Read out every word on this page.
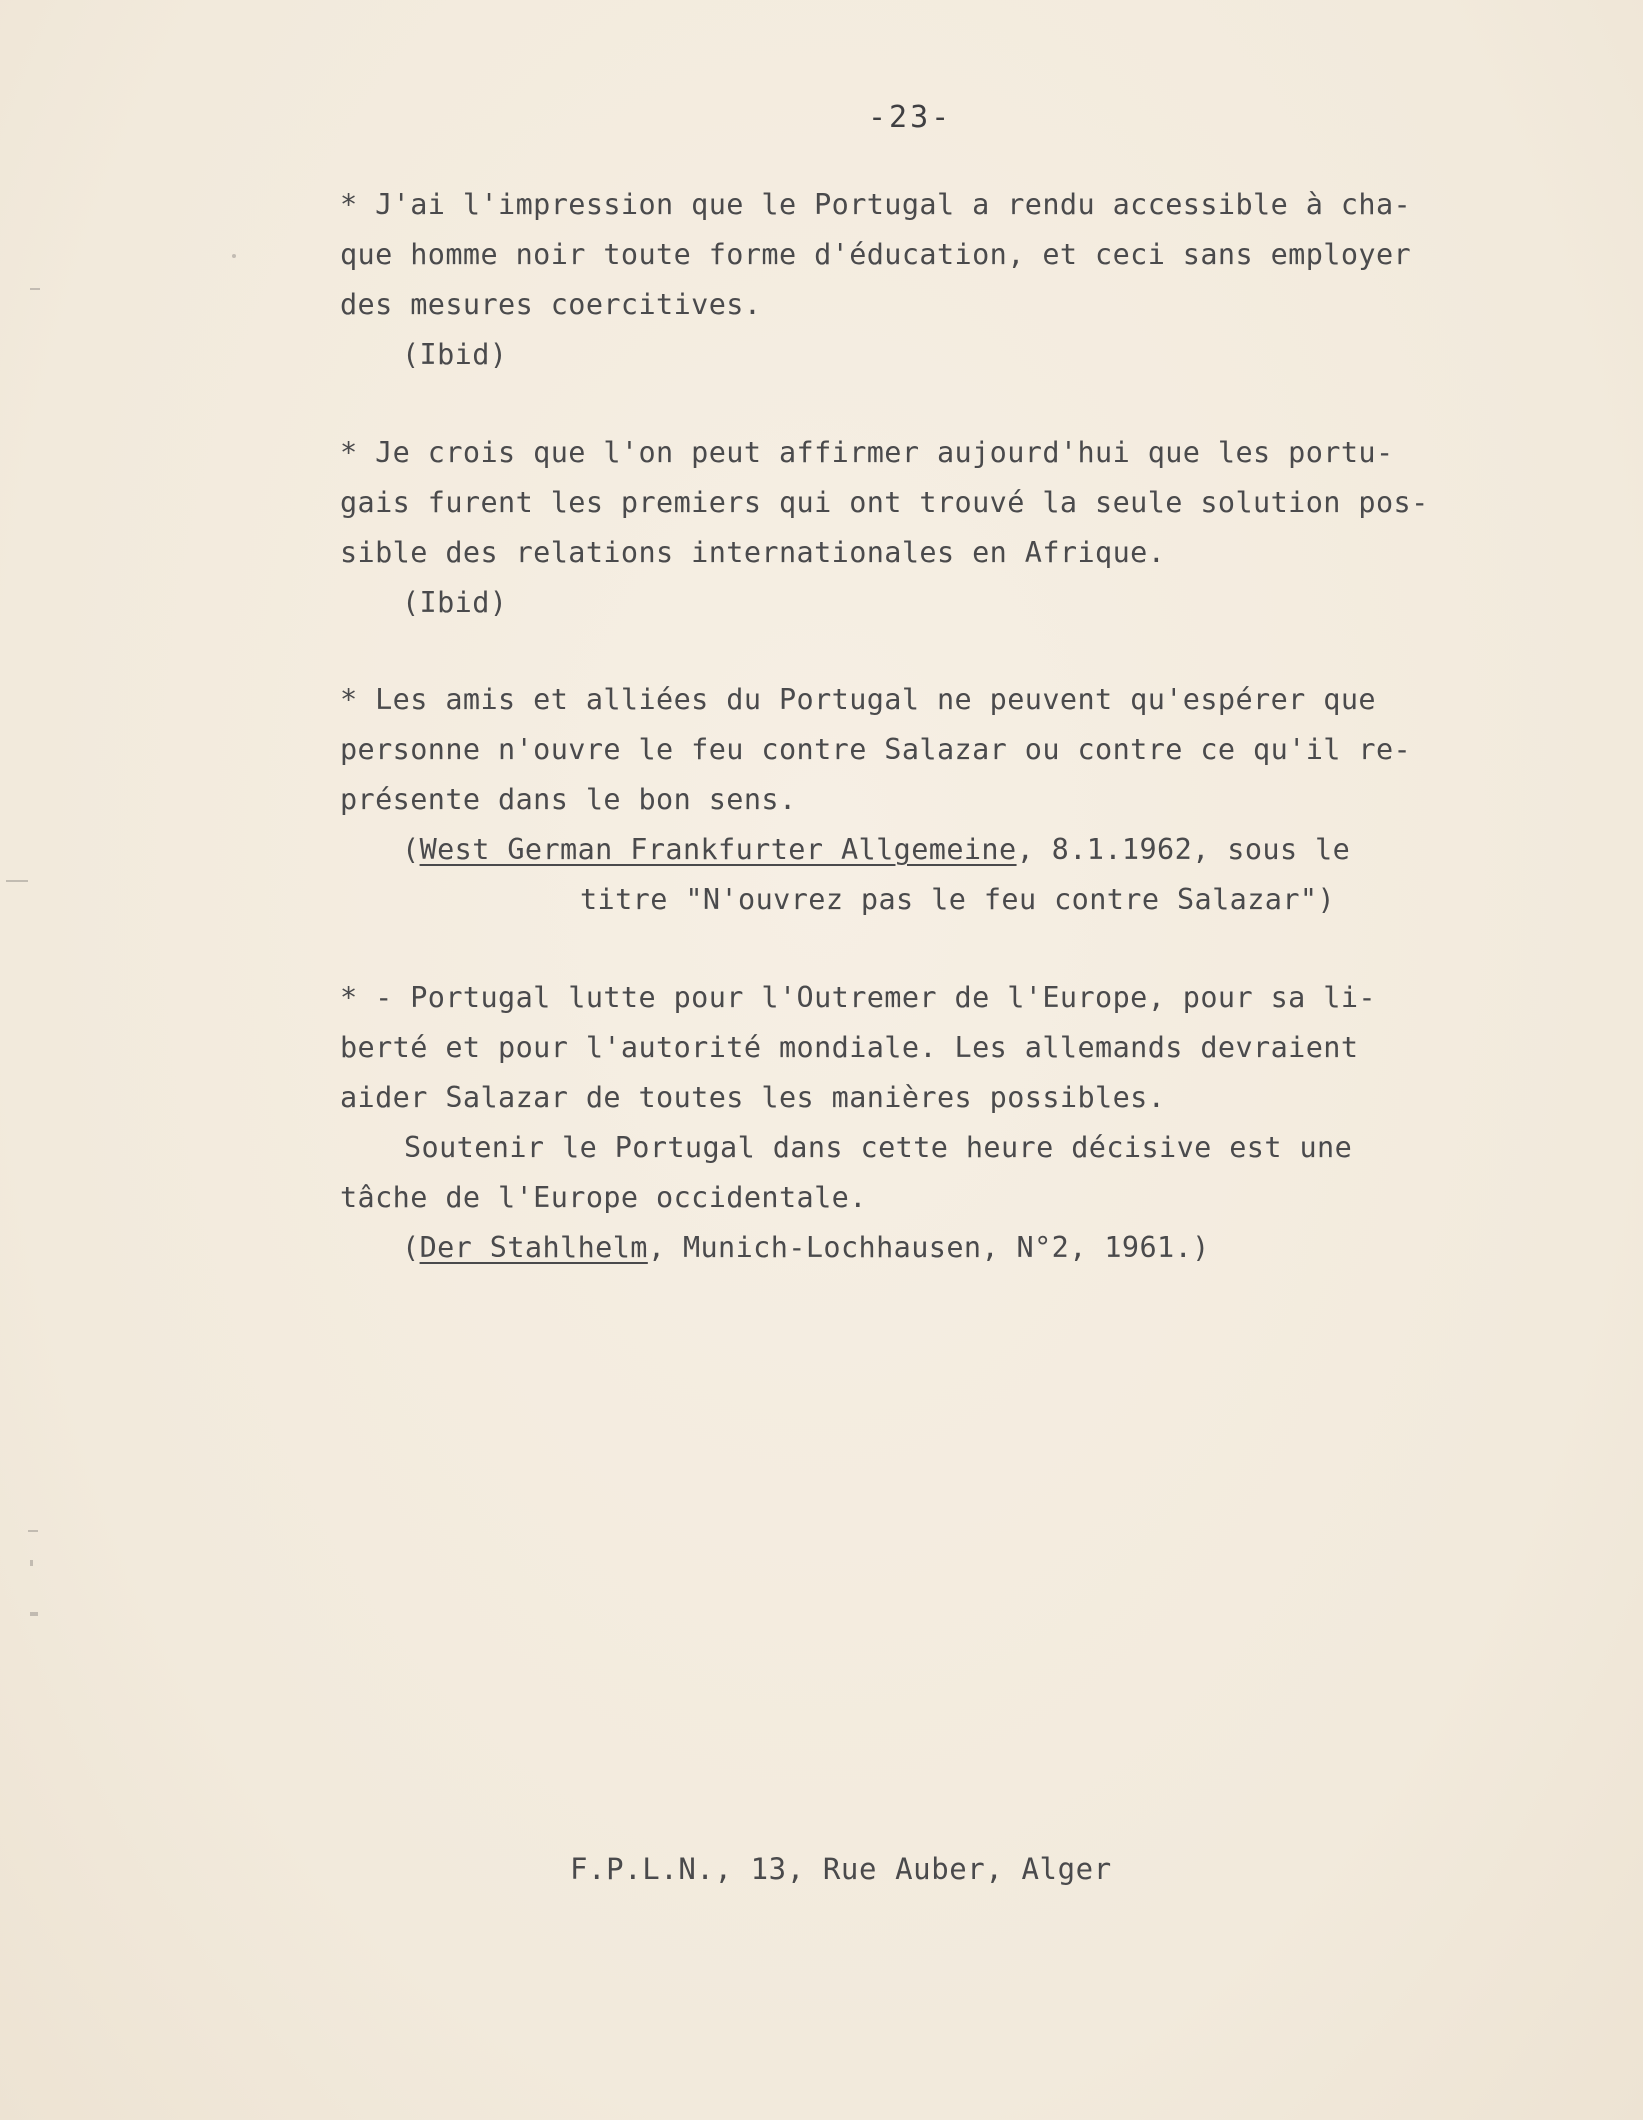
-23-
* J'ai l'impression que le Portugal a rendu accessible à cha-
que homme noir toute forme d'éducation, et ceci sans employer
des mesures coercitives.
(Ibid)
* Je crois que l'on peut affirmer aujourd'hui que les portu-
gais furent les premiers qui ont trouvé la seule solution pos-
sible des relations internationales en Afrique.
(Ibid)
* Les amis et alliées du Portugal ne peuvent qu'espérer que
personne n'ouvre le feu contre Salazar ou contre ce qu'il re-
présente dans le bon sens.
(West German Frankfurter Allgemeine, 8.1.1962, sous le
titre "N'ouvrez pas le feu contre Salazar")
* - Portugal lutte pour l'Outremer de l'Europe, pour sa li-
berté et pour l'autorité mondiale. Les allemands devraient
aider Salazar de toutes les manières possibles.
Soutenir le Portugal dans cette heure décisive est une
tâche de l'Europe occidentale.
(Der Stahlhelm, Munich-Lochhausen, N°2, 1961.)
F.P.L.N., 13, Rue Auber, Alger
